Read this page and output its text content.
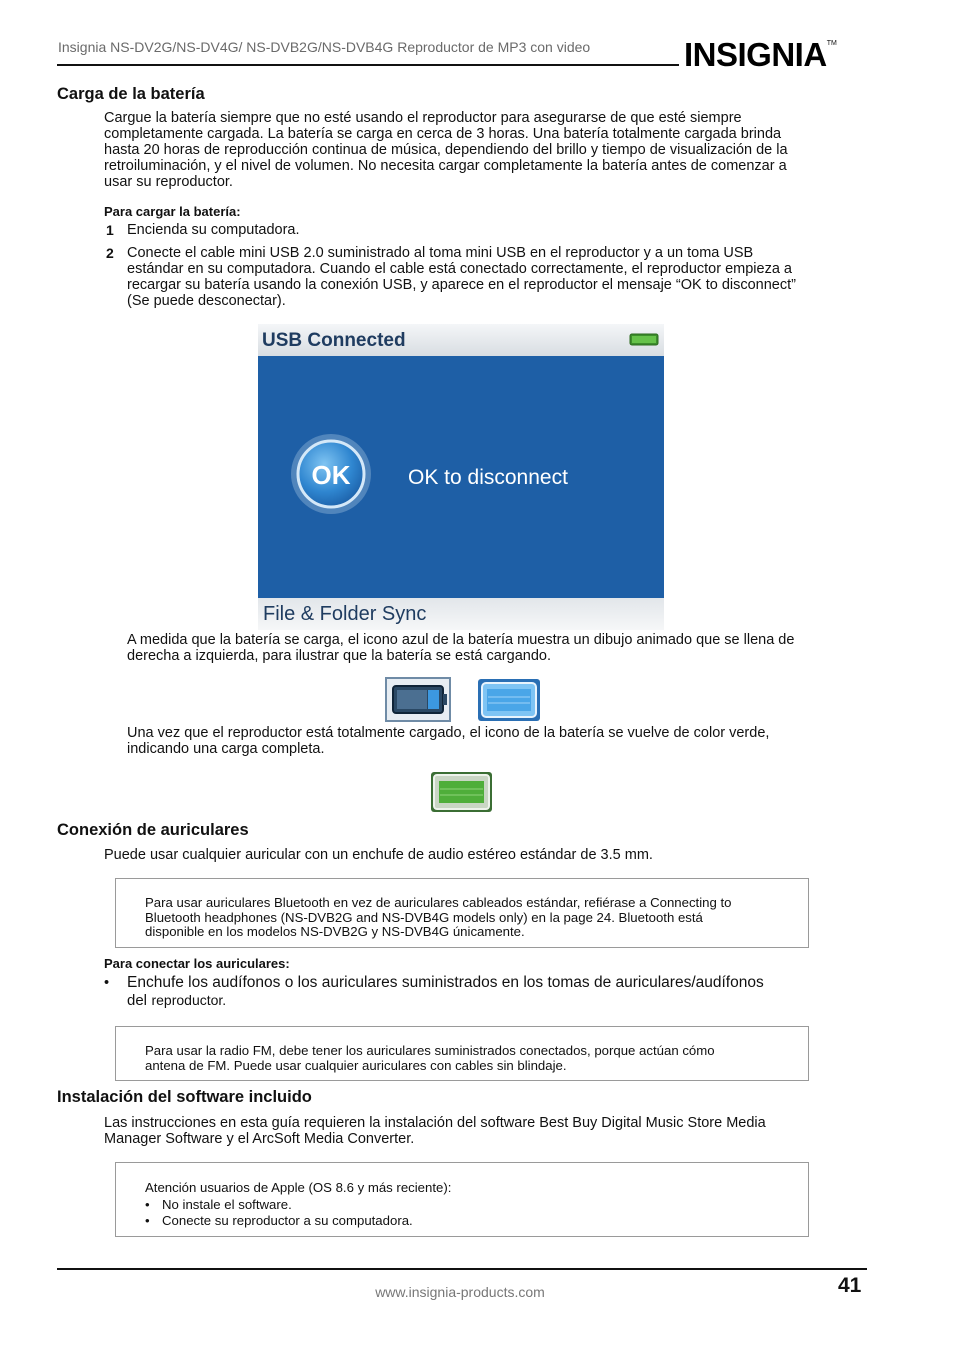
Insignia NS-DV2G/NS-DV4G/ NS-DVB2G/NS-DVB4G Reproductor de MP3 con video	INSIGNIA™
Carga de la batería
Cargue la batería siempre que no esté usando el reproductor para asegurarse de que esté siempre
completamente cargada. La batería se carga en cerca de 3 horas. Una batería totalmente cargada brinda
hasta 20 horas de reproducción continua de música, dependiendo del brillo y tiempo de visualización de la
retroiluminación, y el nivel de volumen. No necesita cargar completamente la batería antes de comenzar a
usar su reproductor.
Para cargar la batería:
1 Encienda su computadora.
2 Conecte el cable mini USB 2.0 suministrado al toma mini USB en el reproductor y a un toma USB
estándar en su computadora. Cuando el cable está conectado correctamente, el reproductor empieza a
recargar su batería usando la conexión USB, y aparece en el reproductor el mensaje “OK to disconnect”
(Se puede desconectar).
USB Connected
OK	OK to disconnect
File & Folder Sync
A medida que la batería se carga, el icono azul de la batería muestra un dibujo animado que se llena de
derecha a izquierda, para ilustrar que la batería se está cargando.
Una vez que el reproductor está totalmente cargado, el icono de la batería se vuelve de color verde,
indicando una carga completa.
Conexión de auriculares
Puede usar cualquier auricular con un enchufe de audio estéreo estándar de 3.5 mm.
Para usar auriculares Bluetooth en vez de auriculares cableados estándar, refiérase a Connecting to
Bluetooth headphones (NS-DVB2G and NS-DVB4G models only) en la page 24. Bluetooth está
disponible en los modelos NS-DVB2G y NS-DVB4G únicamente.
Para conectar los auriculares:
• Enchufe los audífonos o los auriculares suministrados en los tomas de auriculares/audífonos
del reproductor.
Para usar la radio FM, debe tener los auriculares suministrados conectados, porque actúan cómo
antena de FM. Puede usar cualquier auriculares con cables sin blindaje.
Instalación del software incluido
Las instrucciones en esta guía requieren la instalación del software Best Buy Digital Music Store Media
Manager Software y el ArcSoft Media Converter.
Atención usuarios de Apple (OS 8.6 y más reciente):
• No instale el software.
• Conecte su reproductor a su computadora.
www.insignia-products.com	41
